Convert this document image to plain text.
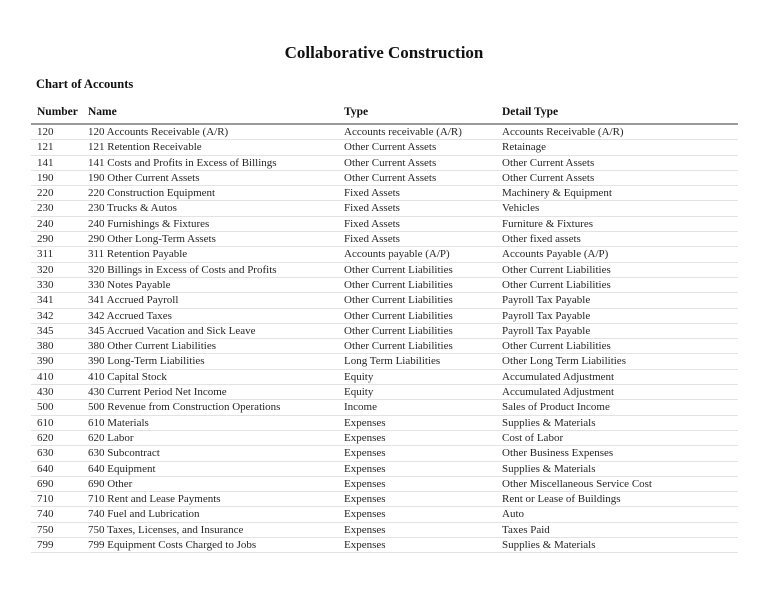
Collaborative Construction
Chart of Accounts
Number	Name	Type	Detail Type
120	120 Accounts Receivable (A/R)	Accounts receivable (A/R)	Accounts Receivable (A/R)
121	121 Retention Receivable	Other Current Assets	Retainage
141	141 Costs and Profits in Excess of Billings	Other Current Assets	Other Current Assets
190	190 Other Current Assets	Other Current Assets	Other Current Assets
220	220 Construction Equipment	Fixed Assets	Machinery & Equipment
230	230 Trucks & Autos	Fixed Assets	Vehicles
240	240 Furnishings & Fixtures	Fixed Assets	Furniture & Fixtures
290	290 Other Long-Term Assets	Fixed Assets	Other fixed assets
311	311 Retention Payable	Accounts payable (A/P)	Accounts Payable (A/P)
320	320 Billings in Excess of Costs and Profits	Other Current Liabilities	Other Current Liabilities
330	330 Notes Payable	Other Current Liabilities	Other Current Liabilities
341	341 Accrued Payroll	Other Current Liabilities	Payroll Tax Payable
342	342 Accrued Taxes	Other Current Liabilities	Payroll Tax Payable
345	345 Accrued Vacation and Sick Leave	Other Current Liabilities	Payroll Tax Payable
380	380 Other Current Liabilities	Other Current Liabilities	Other Current Liabilities
390	390 Long-Term Liabilities	Long Term Liabilities	Other Long Term Liabilities
410	410 Capital Stock	Equity	Accumulated Adjustment
430	430 Current Period Net Income	Equity	Accumulated Adjustment
500	500 Revenue from Construction Operations	Income	Sales of Product Income
610	610 Materials	Expenses	Supplies & Materials
620	620 Labor	Expenses	Cost of Labor
630	630 Subcontract	Expenses	Other Business Expenses
640	640 Equipment	Expenses	Supplies & Materials
690	690 Other	Expenses	Other Miscellaneous Service Cost
710	710 Rent and Lease Payments	Expenses	Rent or Lease of Buildings
740	740 Fuel and Lubrication	Expenses	Auto
750	750 Taxes, Licenses, and Insurance	Expenses	Taxes Paid
799	799 Equipment Costs Charged to Jobs	Expenses	Supplies & Materials
